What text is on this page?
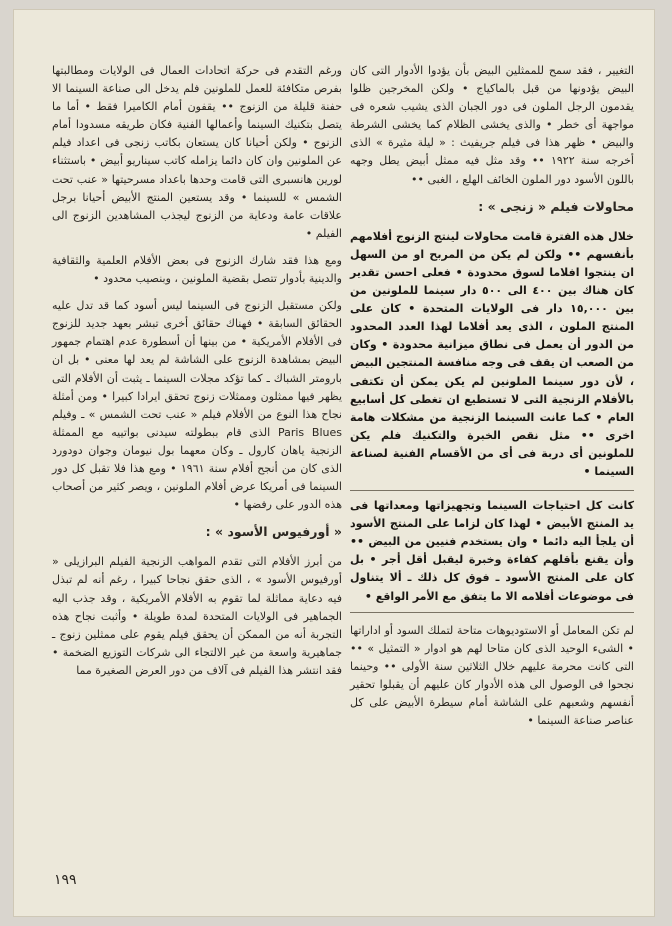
التغيير ، فقد سمح للممثلين البيض بأن يؤدوا الأدوار التى كان البيض يؤدونها من قبل بالماكياج • ولكن المخرجين ظلوا يقدمون الرجل الملون فى دور الجبان الذى يشيب شعره فى مواجهة أى خطر • والذى يخشى الظلام كما يخشى الشرطة والبيض • ظهر هذا فى فيلم جريفيث : « ليلة مثيرة » الذى أخرجه سنة ١٩٢٢ •• وقد مثل فيه ممثل أبيض يطل وجهه باللون الأسود دور الملون الخائف الهلع ، الغبى ••

محاولات فيلم « زنجى » :

خلال هذه الفترة قامت محاولات لينتج الزنوج أفلامهم بأنفسهم •• ولكن لم يكن من المربح او من السهل ان ينتجوا افلاما لسوق محدودة • فعلى احسن تقدير كان هناك بين ٤٠٠ الى ٥٠٠ دار سينما للملونين من بين ١٥,٠٠٠ دار فى الولايات المتحدة • كان على المنتج الملون ، الذى يعد أفلاما لهذا العدد المحدود من الدور أن يعمل فى نطاق ميزانية محدودة • وكان من الصعب ان يقف فى وجه منافسة المنتجين البيض ، لأن دور سينما الملونين لم يكن يمكن أن تكتفى بالأفلام الزنجية التى لا تستطيع ان تغطى كل أسابيع العام • كما عانت السينما الزنجية من مشكلات هامة اخرى •• مثل نقص الخبرة والتكنيك فلم يكن للملونين أى دربة فى أى من الأقسام الفنية لصناعة السينما •

كانت كل احتياجات السينما وتجهيزاتها ومعداتها فى يد المنتج الأبيض • لهذا كان لزاما على المنتج الأسود أن يلجأ اليه دائما • وان يستخدم فنيين من البيض •• وأن يقنع بأقلهم كفاءة وخبرة ليقبل أقل أجر • بل كان على المنتج الأسود ـ فوق كل ذلك ـ ألا يتناول فى موضوعات أفلامه الا ما يتفق مع الأمر الواقع •

لم تكن المعامل أو الاستوديوهات متاحة لتملك السود أو اداراتها • الشىء الوحيد الذى كان متاحا لهم هو ادوار « التمثيل » •• التى كانت محرمة عليهم خلال الثلاثين سنة الأولى •• وحينما نجحوا فى الوصول الى هذه الأدوار كان عليهم أن يقبلوا تحقير أنفسهم وشعبهم على الشاشة أمام سيطرة الأبيض على كل عناصر صناعة السينما •

ورغم التقدم فى حركة اتحادات العمال فى الولايات ومطالبتها بفرص متكافئة للعمل للملونين فلم يدخل الى صناعة السينما الا حفنة قليلة من الزنوج •• يقفون أمام الكاميرا فقط • أما ما يتصل بتكنيك السينما وأعمالها الفنية فكان طريقه مسدودا أمام الزنوج • ولكن أحيانا كان يستعان بكاتب زنجى فى اعداد فيلم عن الملونين وان كان دائما يزامله كاتب سيناريو أبيض • باستثناء لورين هانسبرى التى قامت وحدها باعداد مسرحيتها « عنب تحت الشمس » للسينما • وقد يستعين المنتج الأبيض أحيانا برجل علاقات عامة ودعاية من الزنوج ليجذب المشاهدين الزنوج الى الفيلم •

ومع هذا فقد شارك الزنوج فى بعض الأفلام العلمية والثقافية والدينية بأدوار تتصل بقضية الملونين ، وبنصيب محدود •

ولكن مستقبل الزنوج فى السينما ليس أسود كما قد تدل عليه الحقائق السابقة • فهناك حقائق أخرى تبشر بعهد جديد للزنوج فى الأفلام الأمريكية • من بينها أن أسطورة عدم اهتمام جمهور البيض بمشاهدة الزنوج على الشاشة لم يعد لها معنى • بل ان بارومتر الشباك ـ كما تؤكد مجلات السينما ـ يثبت أن الأفلام التى يظهر فيها ممثلون وممثلات زنوج تحقق ايرادا كبيرا • ومن أمثلة نجاح هذا النوع من الأفلام فيلم « عنب تحت الشمس » ـ وفيلم Paris Blues الذى قام ببطولته سيدنى بواتييه مع الممثلة الزنجية ياهان كارول ـ وكان معهما بول نيومان وجوان دودورد الذى كان من أنجح أفلام سنة ١٩٦١ • ومع هذا فلا تقبل كل دور السينما فى أمريكا عرض أفلام الملونين ، ويصر كثير من أصحاب هذه الدور على رفضها •

« أورفيوس الأسود » :

من أبرز الأفلام التى تقدم المواهب الزنجية الفيلم البرازيلى « أورفيوس الأسود » ، الذى حقق نجاحا كبيرا ، رغم أنه لم تبذل فيه دعاية مماثلة لما تقوم به الأفلام الأمريكية ، وقد جذب اليه الجماهير فى الولايات المتحدة لمدة طويلة • وأثبت نجاح هذه التجربة أنه من الممكن أن يحقق فيلم يقوم على ممثلين زنوج ـ جماهيرية واسعة من غير الالتجاء الى شركات التوزيع الضخمة • فقد انتشر هذا الفيلم فى آلاف من دور العرض الصغيرة مما

١٩٩
